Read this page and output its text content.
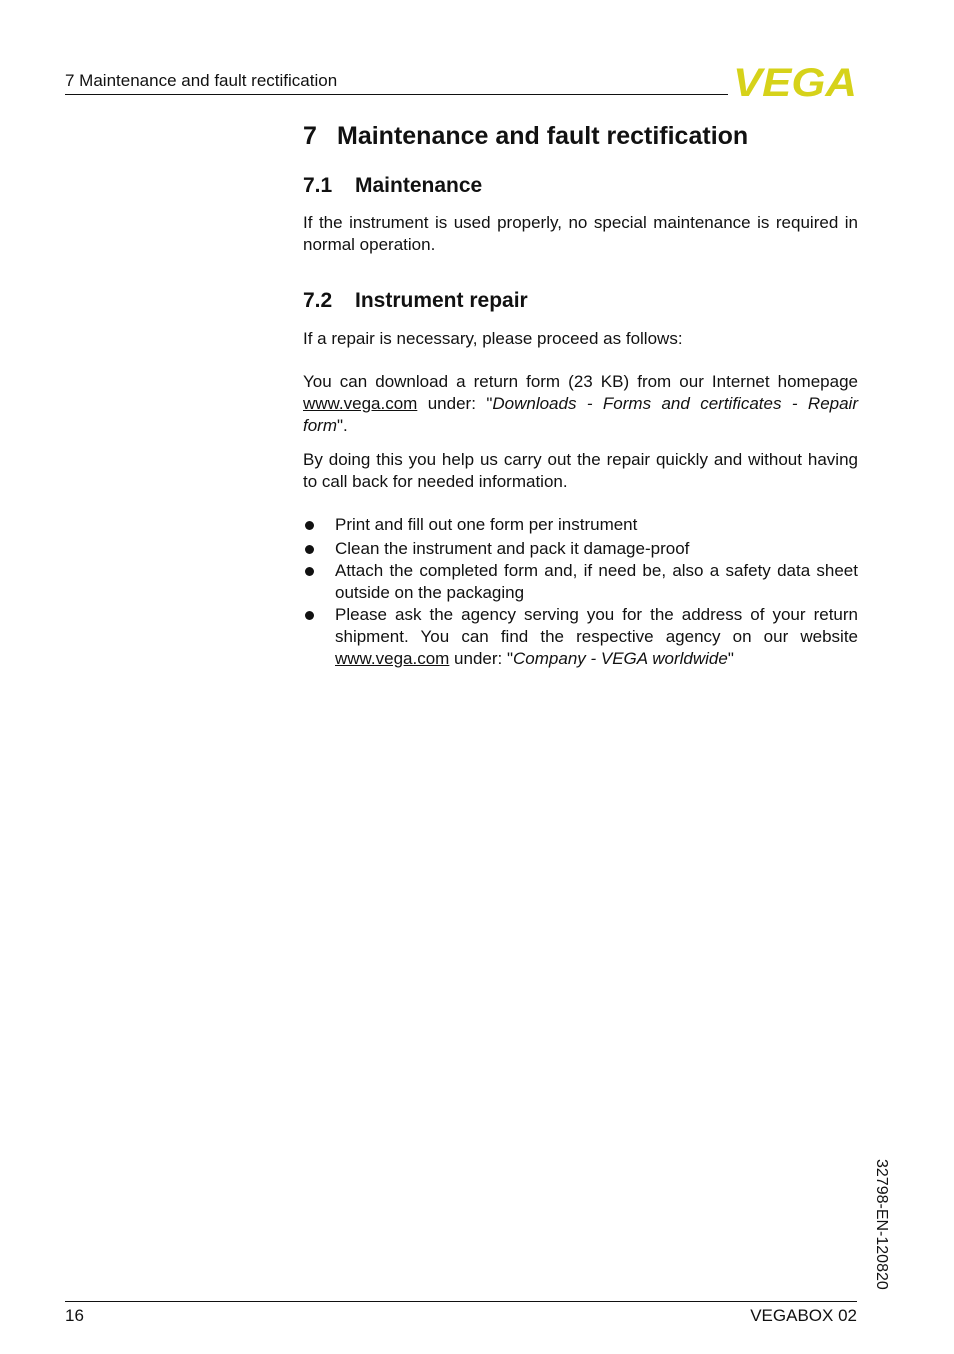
7 Maintenance and fault rectification	VEGA
7 Maintenance and fault rectification
7.1 Maintenance

If the instrument is used properly, no special maintenance is required in normal operation.

7.2 Instrument repair

If a repair is necessary, please proceed as follows:

You can download a return form (23 KB) from our Internet homepage www.vega.com under: "Downloads - Forms and certificates - Repair form".

By doing this you help us carry out the repair quickly and without having to call back for needed information.

Print and fill out one form per instrument
Clean the instrument and pack it damage-proof
Attach the completed form and, if need be, also a safety data sheet outside on the packaging
Please ask the agency serving you for the address of your return shipment. You can find the respective agency on our website www.vega.com under: "Company - VEGA worldwide"
32798-EN-120820
16	VEGABOX 02
